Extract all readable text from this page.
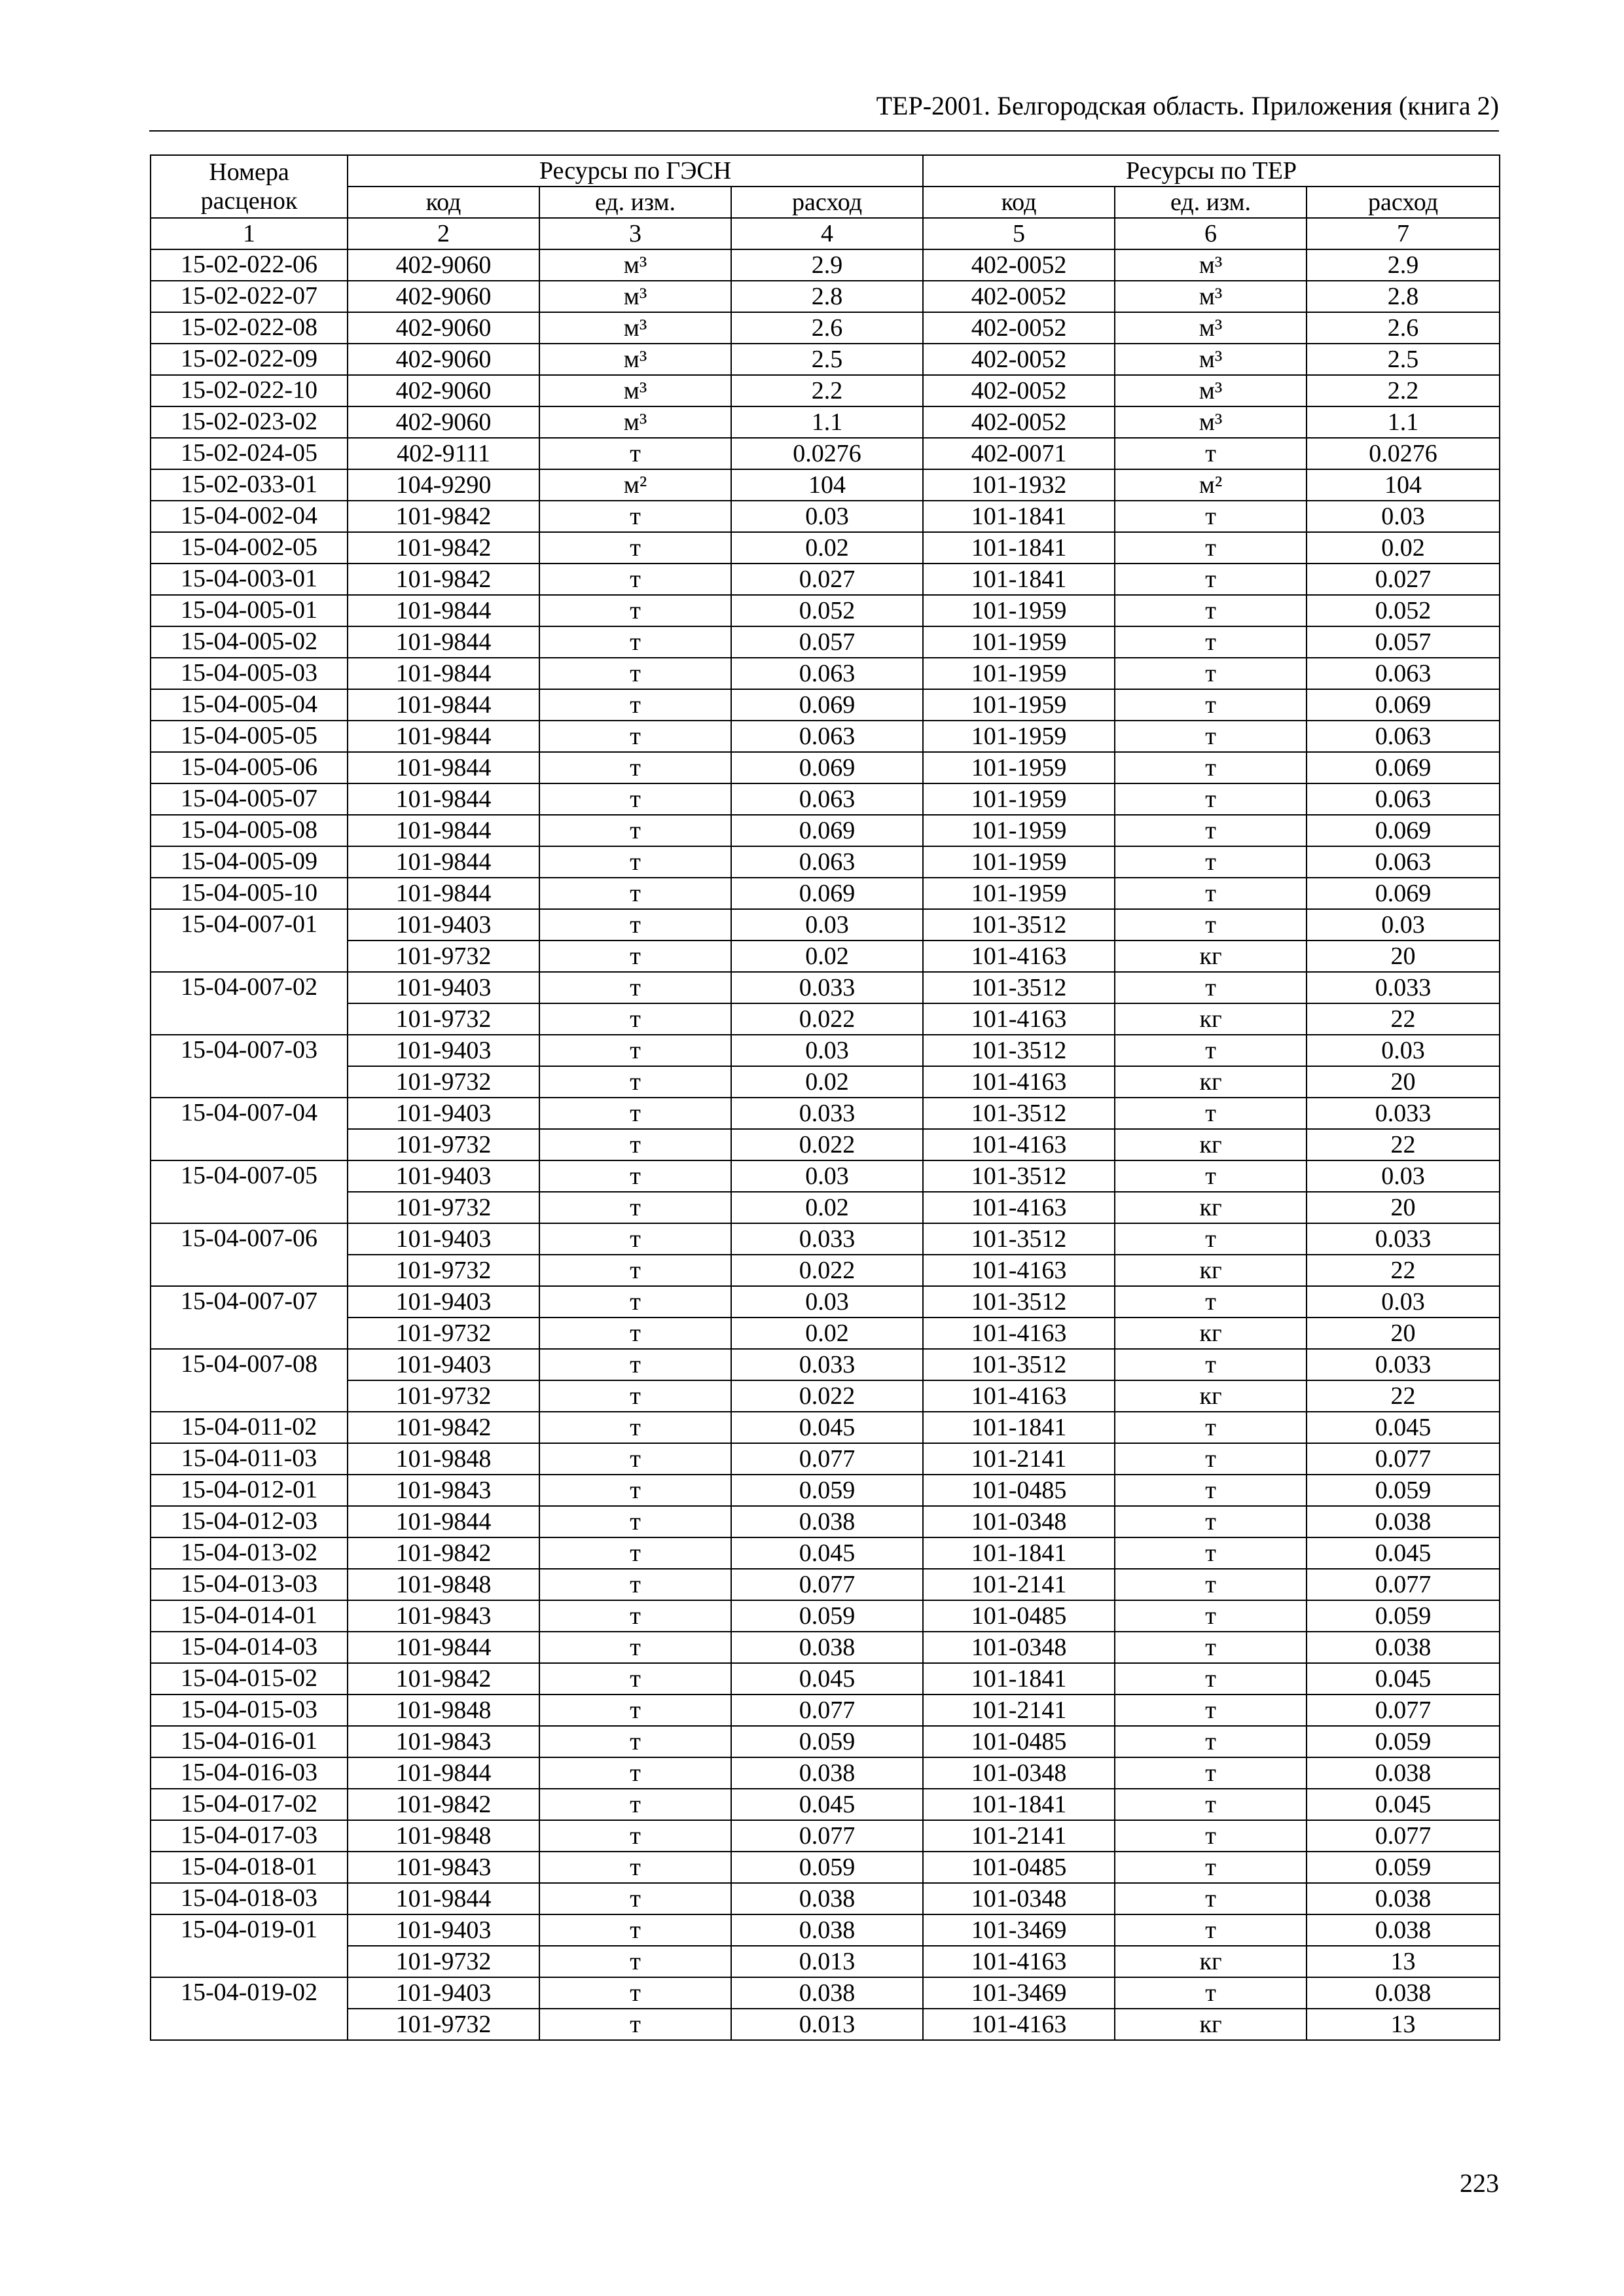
ТЕР-2001. Белгородская область. Приложения (книга 2)
Номера
расценок	Ресурсы по ГЭСН			Ресурсы по ТЕР		
	код	ед. изм.	расход	код	ед. изм.	расход
1	2	3	4	5	6	7
15-02-022-06	402-9060	м³	2.9	402-0052	м³	2.9
15-02-022-07	402-9060	м³	2.8	402-0052	м³	2.8
15-02-022-08	402-9060	м³	2.6	402-0052	м³	2.6
15-02-022-09	402-9060	м³	2.5	402-0052	м³	2.5
15-02-022-10	402-9060	м³	2.2	402-0052	м³	2.2
15-02-023-02	402-9060	м³	1.1	402-0052	м³	1.1
15-02-024-05	402-9111	т	0.0276	402-0071	т	0.0276
15-02-033-01	104-9290	м²	104	101-1932	м²	104
15-04-002-04	101-9842	т	0.03	101-1841	т	0.03
15-04-002-05	101-9842	т	0.02	101-1841	т	0.02
15-04-003-01	101-9842	т	0.027	101-1841	т	0.027
15-04-005-01	101-9844	т	0.052	101-1959	т	0.052
15-04-005-02	101-9844	т	0.057	101-1959	т	0.057
15-04-005-03	101-9844	т	0.063	101-1959	т	0.063
15-04-005-04	101-9844	т	0.069	101-1959	т	0.069
15-04-005-05	101-9844	т	0.063	101-1959	т	0.063
15-04-005-06	101-9844	т	0.069	101-1959	т	0.069
15-04-005-07	101-9844	т	0.063	101-1959	т	0.063
15-04-005-08	101-9844	т	0.069	101-1959	т	0.069
15-04-005-09	101-9844	т	0.063	101-1959	т	0.063
15-04-005-10	101-9844	т	0.069	101-1959	т	0.069
15-04-007-01	101-9403	т	0.03	101-3512	т	0.03
	101-9732	т	0.02	101-4163	кг	20
15-04-007-02	101-9403	т	0.033	101-3512	т	0.033
	101-9732	т	0.022	101-4163	кг	22
15-04-007-03	101-9403	т	0.03	101-3512	т	0.03
	101-9732	т	0.02	101-4163	кг	20
15-04-007-04	101-9403	т	0.033	101-3512	т	0.033
	101-9732	т	0.022	101-4163	кг	22
15-04-007-05	101-9403	т	0.03	101-3512	т	0.03
	101-9732	т	0.02	101-4163	кг	20
15-04-007-06	101-9403	т	0.033	101-3512	т	0.033
	101-9732	т	0.022	101-4163	кг	22
15-04-007-07	101-9403	т	0.03	101-3512	т	0.03
	101-9732	т	0.02	101-4163	кг	20
15-04-007-08	101-9403	т	0.033	101-3512	т	0.033
	101-9732	т	0.022	101-4163	кг	22
15-04-011-02	101-9842	т	0.045	101-1841	т	0.045
15-04-011-03	101-9848	т	0.077	101-2141	т	0.077
15-04-012-01	101-9843	т	0.059	101-0485	т	0.059
15-04-012-03	101-9844	т	0.038	101-0348	т	0.038
15-04-013-02	101-9842	т	0.045	101-1841	т	0.045
15-04-013-03	101-9848	т	0.077	101-2141	т	0.077
15-04-014-01	101-9843	т	0.059	101-0485	т	0.059
15-04-014-03	101-9844	т	0.038	101-0348	т	0.038
15-04-015-02	101-9842	т	0.045	101-1841	т	0.045
15-04-015-03	101-9848	т	0.077	101-2141	т	0.077
15-04-016-01	101-9843	т	0.059	101-0485	т	0.059
15-04-016-03	101-9844	т	0.038	101-0348	т	0.038
15-04-017-02	101-9842	т	0.045	101-1841	т	0.045
15-04-017-03	101-9848	т	0.077	101-2141	т	0.077
15-04-018-01	101-9843	т	0.059	101-0485	т	0.059
15-04-018-03	101-9844	т	0.038	101-0348	т	0.038
15-04-019-01	101-9403	т	0.038	101-3469	т	0.038
	101-9732	т	0.013	101-4163	кг	13
15-04-019-02	101-9403	т	0.038	101-3469	т	0.038
	101-9732	т	0.013	101-4163	кг	13
223
